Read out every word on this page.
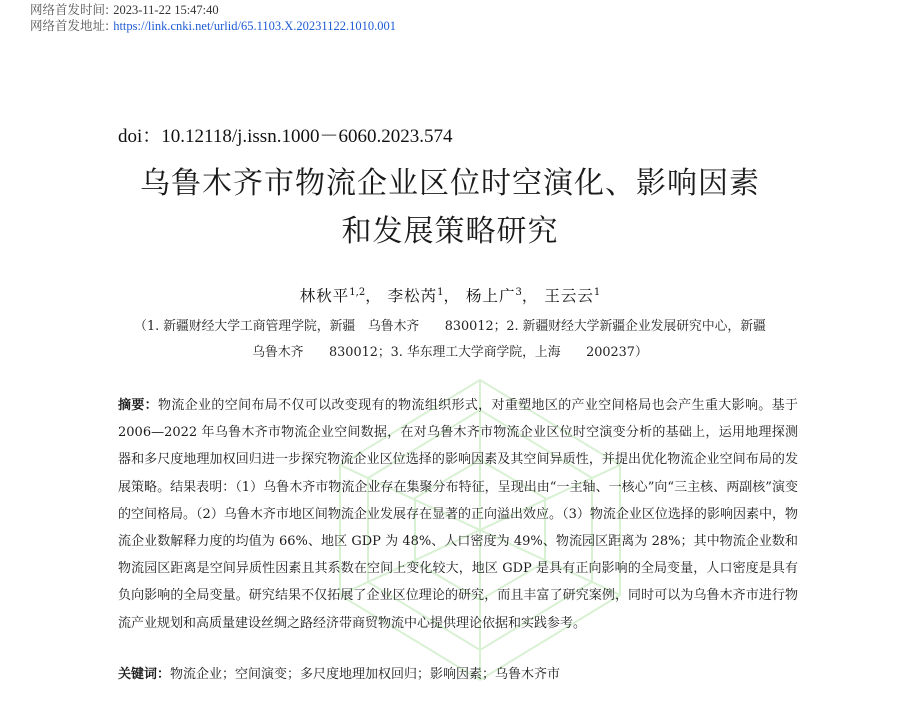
网络首发时间: 2023-11-22 15:47:40
网络首发地址: https://link.cnki.net/urlid/65.1103.X.20231122.1010.001
doi：10.12118/j.issn.1000－6060.2023.574
乌鲁木齐市物流企业区位时空演化、影响因素
和发展策略研究
林秋平$^{1,2}$， 李松芮$^1$， 杨上广$^3$， 王云云$^1$
（1. 新疆财经大学工商管理学院，新疆　乌鲁木齐　　830012；2. 新疆财经大学新疆企业发展研究中心，新疆
乌鲁木齐　　830012；3. 华东理工大学商学院，上海　　200237）
摘要：物流企业的空间布局不仅可以改变现有的物流组织形式，对重塑地区的产业空间格局也会产生重大影响。基于 2006—2022 年乌鲁木齐市物流企业空间数据，在对乌鲁木齐市物流企业区位时空演变分析的基础上，运用地理探测器和多尺度地理加权回归进一步探究物流企业区位选择的影响因素及其空间异质性，并提出优化物流企业空间布局的发展策略。结果表明：（1）乌鲁木齐市物流企业存在集聚分布特征，呈现出由“一主轴、一核心”向“三主核、两副核”演变的空间格局。（2）乌鲁木齐市地区间物流企业发展存在显著的正向溢出效应。（3）物流企业区位选择的影响因素中，物流企业数解释力度的均值为 66%、地区 GDP 为 48%、人口密度为 49%、物流园区距离为 28%；其中物流企业数和物流园区距离是空间异质性因素且其系数在空间上变化较大，地区 GDP 是具有正向影响的全局变量，人口密度是具有负向影响的全局变量。研究结果不仅拓展了企业区位理论的研究，而且丰富了研究案例，同时可以为乌鲁木齐市进行物流产业规划和高质量建设丝绸之路经济带商贸物流中心提供理论依据和实践参考。
关键词：物流企业；空间演变；多尺度地理加权回归；影响因素；乌鲁木齐市
